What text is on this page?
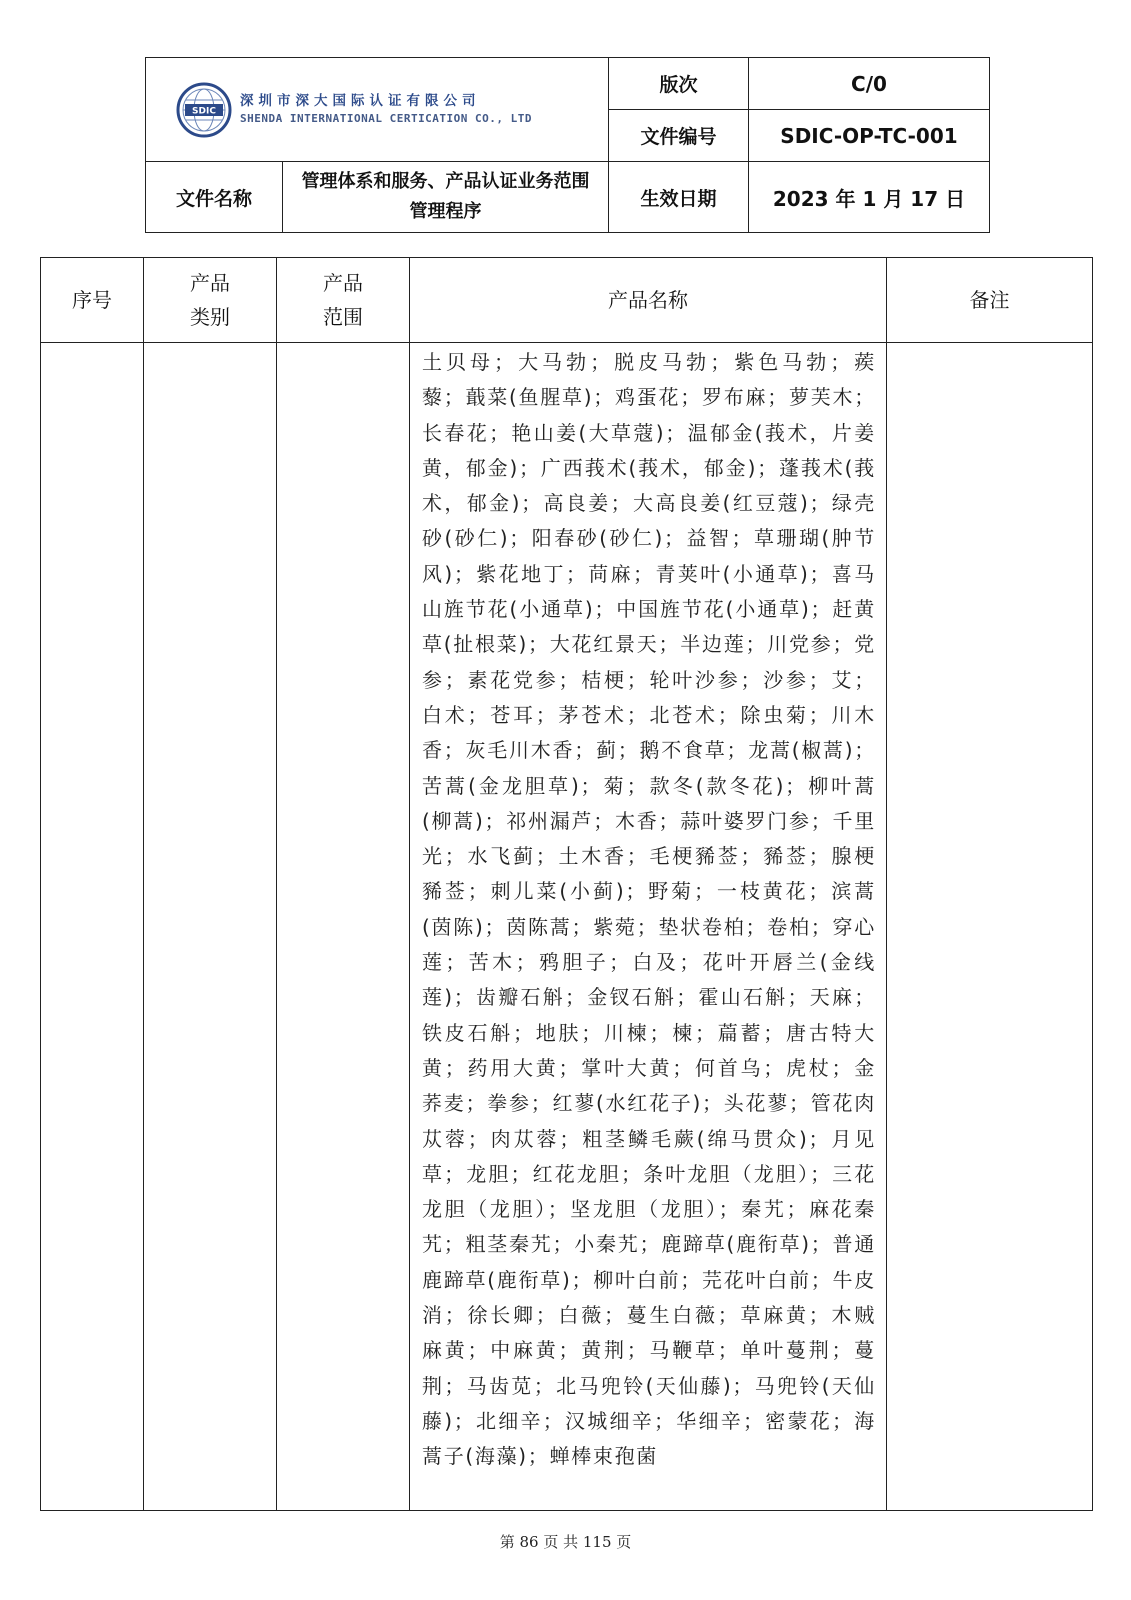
SDIC
深圳市深大国际认证有限公司
SHENDA INTERNATIONAL CERTICATION CO., LTD		版次	C/0
		文件编号	SDIC-OP-TC-001
文件名称	管理体系和服务、产品认证业务范围管理程序	生效日期	2023 年 1 月 17 日
序号	产品类别	产品范围	产品名称	备注

			土贝母；大马勃；脱皮马勃；紫色马勃；蒺藜；蕺菜(鱼腥草)；鸡蛋花；罗布麻；萝芙木；长春花；艳山姜(大草蔻)；温郁金(莪术，片姜黄，郁金)；广西莪术(莪术，郁金)；蓬莪术(莪术，郁金)；高良姜；大高良姜(红豆蔻)；绿壳砂(砂仁)；阳春砂(砂仁)；益智；草珊瑚(肿节风)；紫花地丁；苘麻；青荚叶(小通草)；喜马山旌节花(小通草)；中国旌节花(小通草)；赶黄草(扯根菜)；大花红景天；半边莲；川党参；党参；素花党参；桔梗；轮叶沙参；沙参；艾；白术；苍耳；茅苍术；北苍术；除虫菊；川木香；灰毛川木香；蓟；鹅不食草；龙蒿(椒蒿)；苦蒿(金龙胆草)；菊；款冬(款冬花)；柳叶蒿(柳蒿)；祁州漏芦；木香；蒜叶婆罗门参；千里光；水飞蓟；土木香；毛梗豨莶；豨莶；腺梗豨莶；刺儿菜(小蓟)；野菊；一枝黄花；滨蒿(茵陈)；茵陈蒿；紫菀；垫状卷柏；卷柏；穿心莲；苦木；鸦胆子；白及；花叶开唇兰(金线莲)；齿瓣石斛；金钗石斛；霍山石斛；天麻；铁皮石斛；地肤；川楝；楝；萹蓄；唐古特大黄；药用大黄；掌叶大黄；何首乌；虎杖；金荞麦；拳参；红蓼(水红花子)；头花蓼；管花肉苁蓉；肉苁蓉；粗茎鳞毛蕨(绵马贯众)；月见草；龙胆；红花龙胆；条叶龙胆（龙胆）；三花龙胆（龙胆）；坚龙胆（龙胆）；秦艽；麻花秦艽；粗茎秦艽；小秦艽；鹿蹄草(鹿衔草)；普通鹿蹄草(鹿衔草)；柳叶白前；芫花叶白前；牛皮消；徐长卿；白薇；蔓生白薇；草麻黄；木贼麻黄；中麻黄；黄荆；马鞭草；单叶蔓荆；蔓荆；马齿苋；北马兜铃(天仙藤)；马兜铃(天仙藤)；北细辛；汉城细辛；华细辛；密蒙花；海蒿子(海藻)；蝉棒束孢菌	

第 86 页 共 115 页
